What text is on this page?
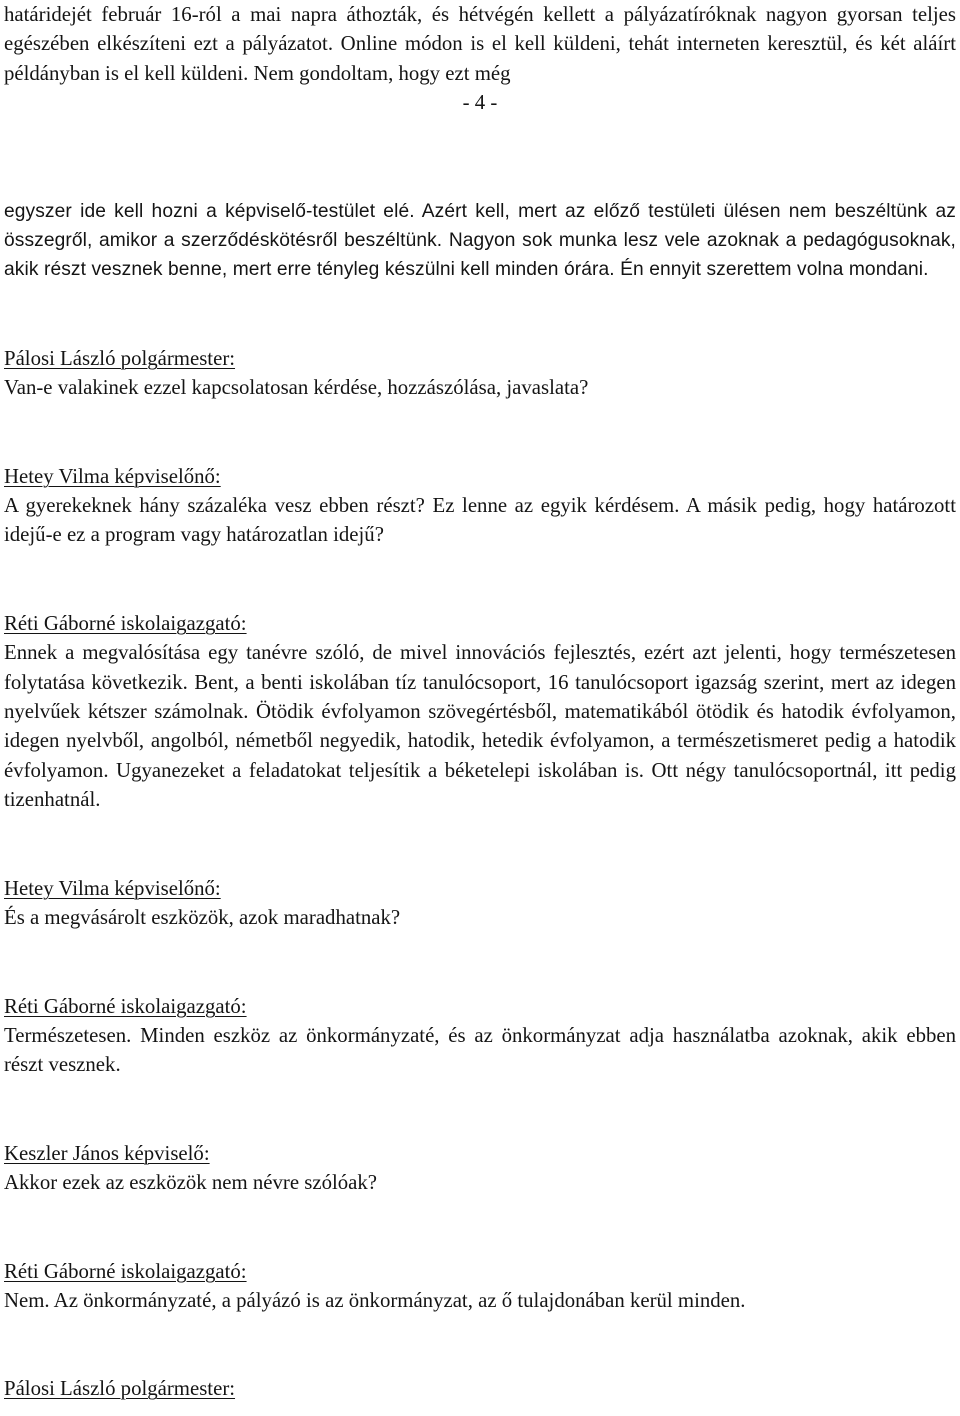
határidejét február 16-ról a mai napra áthozták, és hétvégén kellett a pályázatíróknak nagyon gyorsan teljes egészében elkészíteni ezt a pályázatot. Online módon is el kell küldeni, tehát interneten keresztül, és két aláírt példányban is el kell küldeni. Nem gondoltam, hogy ezt még

- 4 -

egyszer ide kell hozni a képviselő-testület elé. Azért kell, mert az előző testületi ülésen nem beszéltünk az összegről, amikor a szerződéskötésről beszéltünk. Nagyon sok munka lesz vele azoknak a pedagógusoknak, akik részt vesznek benne, mert erre tényleg készülni kell minden órára. Én ennyit szerettem volna mondani.

Pálosi László polgármester:

Van-e valakinek ezzel kapcsolatosan kérdése, hozzászólása, javaslata?

Hetey Vilma képviselőnő:

A gyerekeknek hány százaléka vesz ebben részt? Ez lenne az egyik kérdésem. A másik pedig, hogy határozott idejű-e ez a program vagy határozatlan idejű?

Réti Gáborné iskolaigazgató:

Ennek a megvalósítása egy tanévre szóló, de mivel innovációs fejlesztés, ezért azt jelenti, hogy természetesen folytatása következik. Bent, a benti iskolában tíz tanulócsoport, 16 tanulócsoport igazság szerint, mert az idegen nyelvűek kétszer számolnak. Ötödik évfolyamon szövegértésből, matematikából ötödik és hatodik évfolyamon, idegen nyelvből, angolból, németből negyedik, hatodik, hetedik évfolyamon, a természetismeret pedig a hatodik évfolyamon. Ugyanezeket a feladatokat teljesítik a béketelepi iskolában is. Ott négy tanulócsoportnál, itt pedig tizenhatnál.

Hetey Vilma képviselőnő:

És a megvásárolt eszközök, azok maradhatnak?

Réti Gáborné iskolaigazgató:

Természetesen. Minden eszköz az önkormányzaté, és az önkormányzat adja használatba azoknak, akik ebben részt vesznek.

Keszler János képviselő:

Akkor ezek az eszközök nem névre szólóak?

Réti Gáborné iskolaigazgató:

Nem. Az önkormányzaté, a pályázó is az önkormányzat, az ő tulajdonában kerül minden.

Pálosi László polgármester:
